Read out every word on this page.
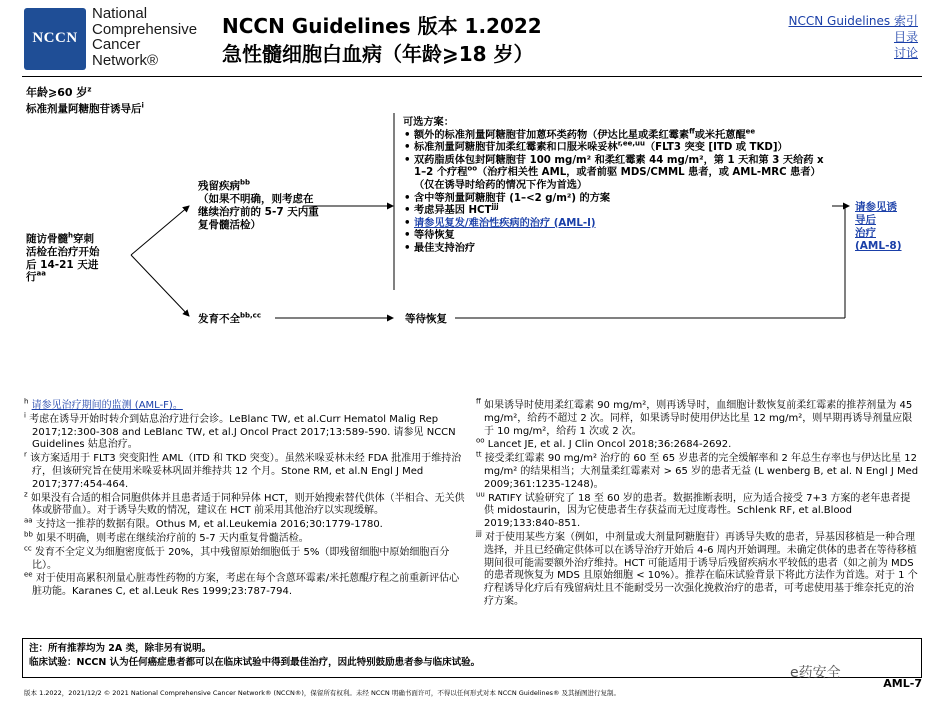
NCCN
National
Comprehensive
Cancer
Network®
NCCN Guidelines 版本 1.2022
急性髓细胞白血病（年龄⩾18 岁）
NCCN Guidelines 索引
目录
讨论
年龄⩾60 岁$^z$
标准剂量阿糖胞苷诱导后$^i$
随访骨髓$^h$穿刺
活检在治疗开始
后 14-21 天进
行$^{aa}$
残留疾病$^{bb}$
（如果不明确，则考虑在
继续治疗前的 5-7 天内重
复骨髓活检）
发育不全$^{bb,cc}$	等待恢复
可选方案：
• 额外的标准剂量阿糖胞苷加蒽环类药物（伊达比星或柔红霉素$^{ff}$或米托蒽醌$^{ee}$
• 标准剂量阿糖胞苷加柔红霉素和口服米哚妥林$^{r,ee,uu}$（FLT3 突变 [ITD 或 TKD]）
• 双药脂质体包封阿糖胞苷 100 mg/m² 和柔红霉素 44 mg/m²，第 1 天和第 3 天给药 x 1–2 个疗程$^{oo}$（治疗相关性 AML，或者前驱 MDS/CMML 患者，或 AML-MRC 患者）（仅在诱导时给药的情况下作为首选）
• 含中等剂量阿糖胞苷 (1–<2 g/m²) 的方案
• 考虑异基因 $HCT^{jjj}$
• 请参见复发/难治性疾病的治疗 (AML-I)
• 等待恢复
• 最佳支持治疗
请参见诱
导后
治疗
(AML-8)

$^h$ 请参见治疗期间的监测 (AML-F)。

$^i$ 考虑在诱导开始时转介到姑息治疗进行会诊。LeBlanc TW, et al.Curr Hematol Malig Rep 2017;12:300-308 and LeBlanc TW, et al.J Oncol Pract 2017;13:589-590. 请参见 NCCN Guidelines 姑息治疗。

$^r$ 该方案适用于 FLT3 突变阳性 AML（ITD 和 TKD 突变）。虽然米哚妥林未经 FDA 批准用于维持治疗，但该研究旨在使用米哚妥林巩固并维持共 12 个月。Stone RM, et al.N Engl J Med 2017;377:454-464.

$^z$ 如果没有合适的相合同胞供体并且患者适于同种异体 HCT，则开始搜索替代供体（半相合、无关供体或脐带血）。对于诱导失败的情况，建议在 HCT 前采用其他治疗以实现缓解。

$^{aa}$ 支持这一推荐的数据有限。Othus M, et al.Leukemia 2016;30:1779-1780.

$^{bb}$ 如果不明确，则考虑在继续治疗前的 5-7 天内重复骨髓活检。

$^{cc}$ 发育不全定义为细胞密度低于 20%，其中残留原始细胞低于 5%（即残留细胞中原始细胞百分比）。

$^{ee}$ 对于使用高累积剂量心脏毒性药物的方案，考虑在每个含蒽环霉素/米托蒽醌疗程之前重新评估心脏功能。Karanes C, et al.Leuk Res 1999;23:787-794.

$^{ff}$ 如果诱导时使用柔红霉素 90 mg/m²，则再诱导时，血细胞计数恢复前柔红霉素的推荐剂量为 45 mg/m²，给药不超过 2 次。同样，如果诱导时使用伊达比星 12 mg/m²，则早期再诱导剂量应限于 10 mg/m²，给药 1 次或 2 次。

$^{oo}$ Lancet JE, et al. J Clin Oncol 2018;36:2684-2692.

$^{tt}$ 接受柔红霉素 90 mg/m² 治疗的 60 至 65 岁患者的完全缓解率和 2 年总生存率也与伊达比星 12 mg/m² 的结果相当；大剂量柔红霉素对 > 65 岁的患者无益 (L wenberg B, et al. N Engl J Med 2009;361:1235-1248)。

$^{uu}$ RATIFY 试验研究了 18 至 60 岁的患者。数据推断表明，应为适合接受 7+3 方案的老年患者提供 midostaurin，因为它使患者生存获益而无过度毒性。Schlenk RF, et al.Blood 2019;133:840-851.

$^{jjj}$ 对于使用某些方案（例如，中剂量或大剂量阿糖胞苷）再诱导失败的患者，异基因移植是一种合理选择，并且已经确定供体可以在诱导治疗开始后 4-6 周内开始调理。未确定供体的患者在等待移植期间很可能需要额外治疗维持。HCT 可能适用于诱导后残留疾病水平较低的患者（如之前为 MDS 的患者现恢复为 MDS 且原始细胞 < 10%）。推荐在临床试验背景下将此方法作为首选。对于 1 个疗程诱导化疗后有残留病灶且不能耐受另一次强化挽救治疗的患者，可考虑使用基于维奈托克的治疗方案。

注：所有推荐均为 2A 类，除非另有说明。
临床试验：NCCN 认为任何癌症患者都可以在临床试验中得到最佳治疗，因此特别鼓励患者参与临床试验。
e药安全
版本 1.2022，2021/12/2 © 2021 National Comprehensive Cancer Network® (NCCN®)，保留所有权利。未经 NCCN 明确书面许可，不得以任何形式对本 NCCN Guidelines® 及其插图进行复制。
AML-7
